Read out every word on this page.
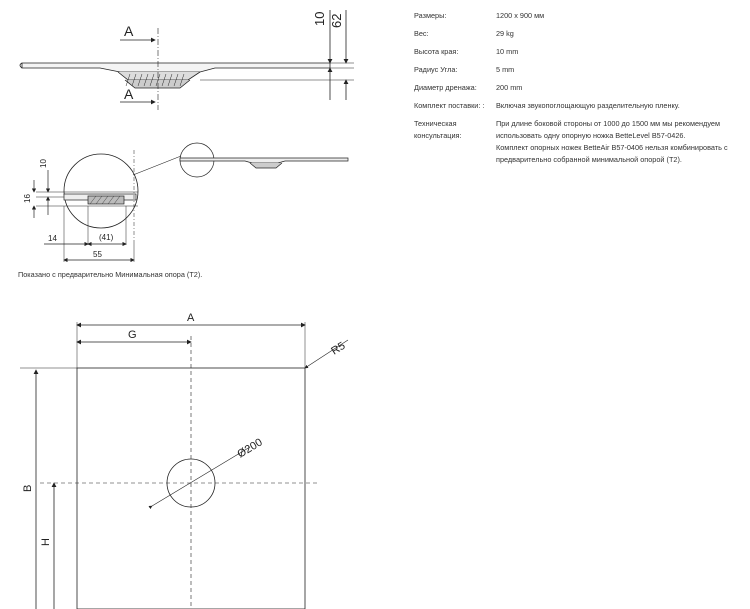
Размеры:	1200 x 900 мм
Вес:	29 kg
Высота края:	10 mm
Радиус Угла:	5 mm
Диаметр дренажа:	200 mm
Комплект поставки: :	Включая звукопоглощающую разделительную пленку.
Техническая консультация:
При длине боковой стороны от 1000 до 1500 мм мы рекомендуем использовать одну опорную ножка BetteLevel B57-0426.
Комплект опорных ножек BetteAir B57-0406 нельзя комбинировать с
предварительно собранной минимальной опорой (T2).
Показано с предварительно Минимальная опора (T2).
A
A
10 62
10
16
14	(41)
55
A
G
R5
Ø200
B
H
